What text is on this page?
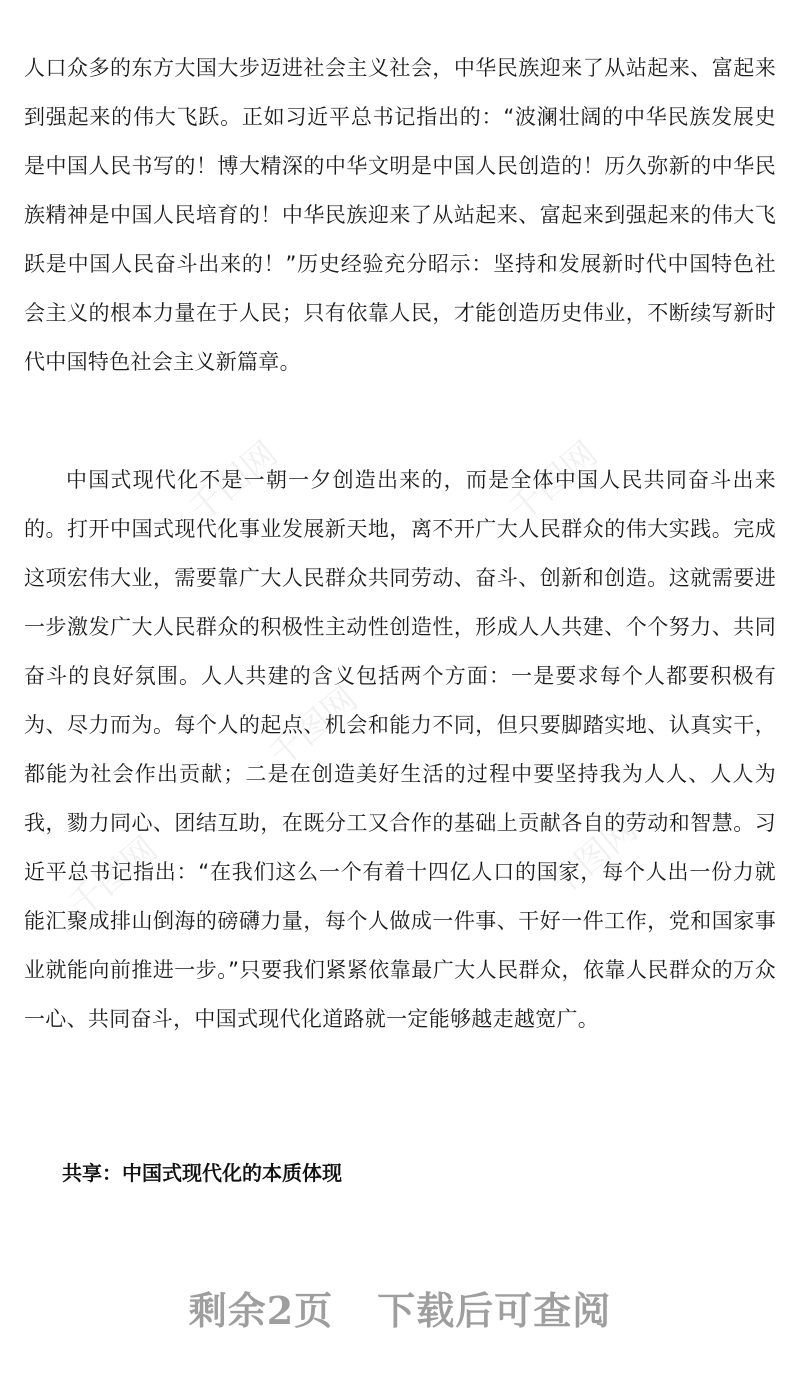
千图网	千图网
千图网
千图网
千图网

人口众多的东方大国大步迈进社会主义社会，中华民族迎来了从站起来、富起来到强起来的伟大飞跃。正如习近平总书记指出的：“波澜壮阔的中华民族发展史是中国人民书写的！博大精深的中华文明是中国人民创造的！历久弥新的中华民族精神是中国人民培育的！中华民族迎来了从站起来、富起来到强起来的伟大飞跃是中国人民奋斗出来的！”历史经验充分昭示：坚持和发展新时代中国特色社会主义的根本力量在于人民；只有依靠人民，才能创造历史伟业，不断续写新时代中国特色社会主义新篇章。

中国式现代化不是一朝一夕创造出来的，而是全体中国人民共同奋斗出来的。打开中国式现代化事业发展新天地，离不开广大人民群众的伟大实践。完成这项宏伟大业，需要靠广大人民群众共同劳动、奋斗、创新和创造。这就需要进一步激发广大人民群众的积极性主动性创造性，形成人人共建、个个努力、共同奋斗的良好氛围。人人共建的含义包括两个方面：一是要求每个人都要积极有为、尽力而为。每个人的起点、机会和能力不同，但只要脚踏实地、认真实干，都能为社会作出贡献；二是在创造美好生活的过程中要坚持我为人人、人人为我，勠力同心、团结互助，在既分工又合作的基础上贡献各自的劳动和智慧。习近平总书记指出：“在我们这么一个有着十四亿人口的国家，每个人出一份力就能汇聚成排山倒海的磅礴力量，每个人做成一件事、干好一件工作，党和国家事业就能向前推进一步。”只要我们紧紧依靠最广大人民群众，依靠人民群众的万众一心、共同奋斗，中国式现代化道路就一定能够越走越宽广。

共享：中国式现代化的本质体现
剩余2页 下载后可查阅
